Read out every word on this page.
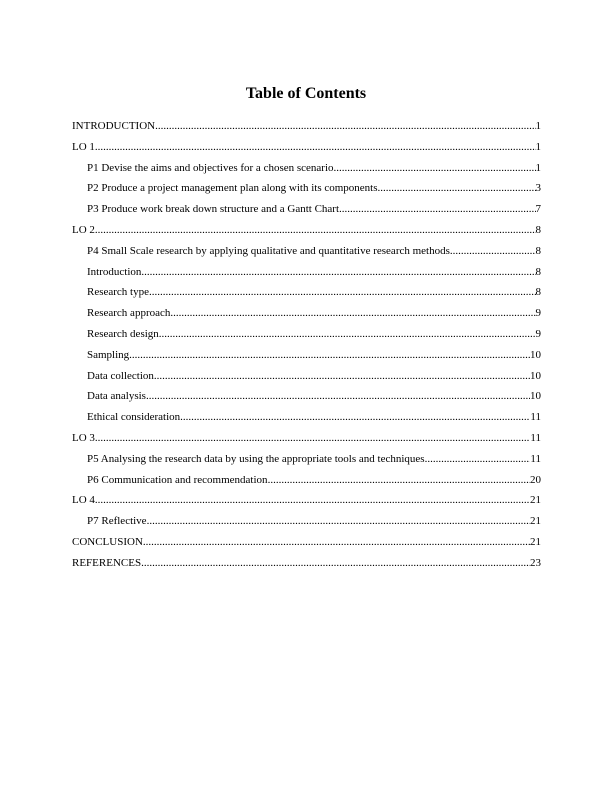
Table of Contents
INTRODUCTION .....	1
LO 1 .....	1
P1 Devise the aims and objectives for a chosen scenario .....	1
P2 Produce a project management plan along with its components .....	3
P3 Produce work break down structure and a Gantt Chart .....	7
LO 2 .....	8
P4 Small Scale research by applying qualitative and quantitative research methods. .....	8
Introduction .....	8
Research type .....	8
Research approach .....	9
Research design .....	9
Sampling .....	10
Data collection .....	10
Data analysis .....	10
Ethical consideration .....	11
LO 3 .....	11
P5 Analysing the research data by using the appropriate tools and techniques .....	11
P6 Communication and recommendation .....	20
LO 4 .....	21
P7 Reflective .....	21
CONCLUSION .....	21
REFERENCES .....	23
